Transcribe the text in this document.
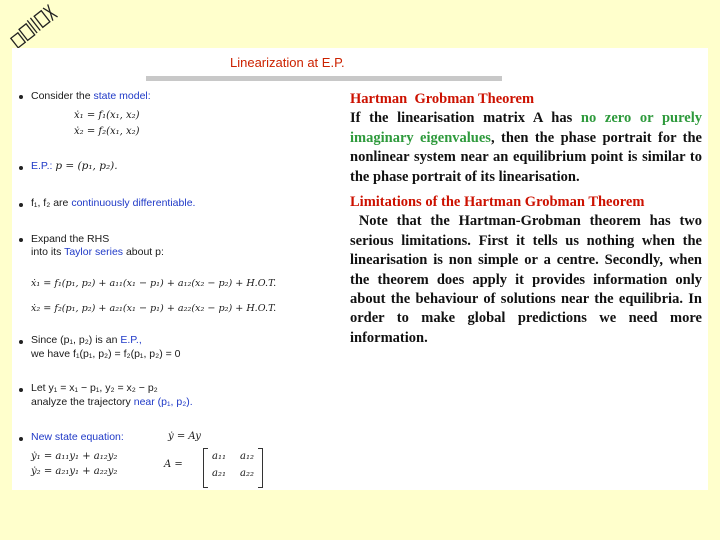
Linearization at E.P.
Consider the state model:
ẋ₁ = f₁(x₁, x₂)
ẋ₂ = f₂(x₁, x₂)
E.P.: p = (p₁, p₂).
f₁, f₂ are continuously differentiable.
Expand the RHS
into its Taylor series about p:
ẋ₁ = f₁(p₁, p₂) + a₁₁(x₁ − p₁) + a₁₂(x₂ − p₂) + H.O.T.
ẋ₂ = f₂(p₁, p₂) + a₂₁(x₁ − p₁) + a₂₂(x₂ − p₂) + H.O.T.
Since (p₁, p₂) is an E.P.,
we have f₁(p₁, p₂) = f₂(p₁, p₂) = 0
Let y₁ = x₁ − p₁, y₂ = x₂ − p₂
analyze the trajectory near (p₁, p₂).
New state equation:	ẏ = Ay
ẏ₁ = a₁₁y₁ + a₁₂y₂
ẏ₂ = a₂₁y₁ + a₂₂y₂
A =
a₁₁ a₁₂
a₂₁ a₂₂

Hartman Grobman Theorem

If the linearisation matrix A has no zero or purely imaginary eigenvalues, then the phase portrait for the nonlinear system near an equilibrium point is similar to the phase portrait of its linearisation.

Limitations of the Hartman Grobman Theorem

Note that the Hartman-Grobman theorem has two serious limitations. First it tells us nothing when the linearisation is non simple or a centre. Secondly, when the theorem does apply it provides information only about the behaviour of solutions near the equilibria. In order to make global predictions we need more information.
